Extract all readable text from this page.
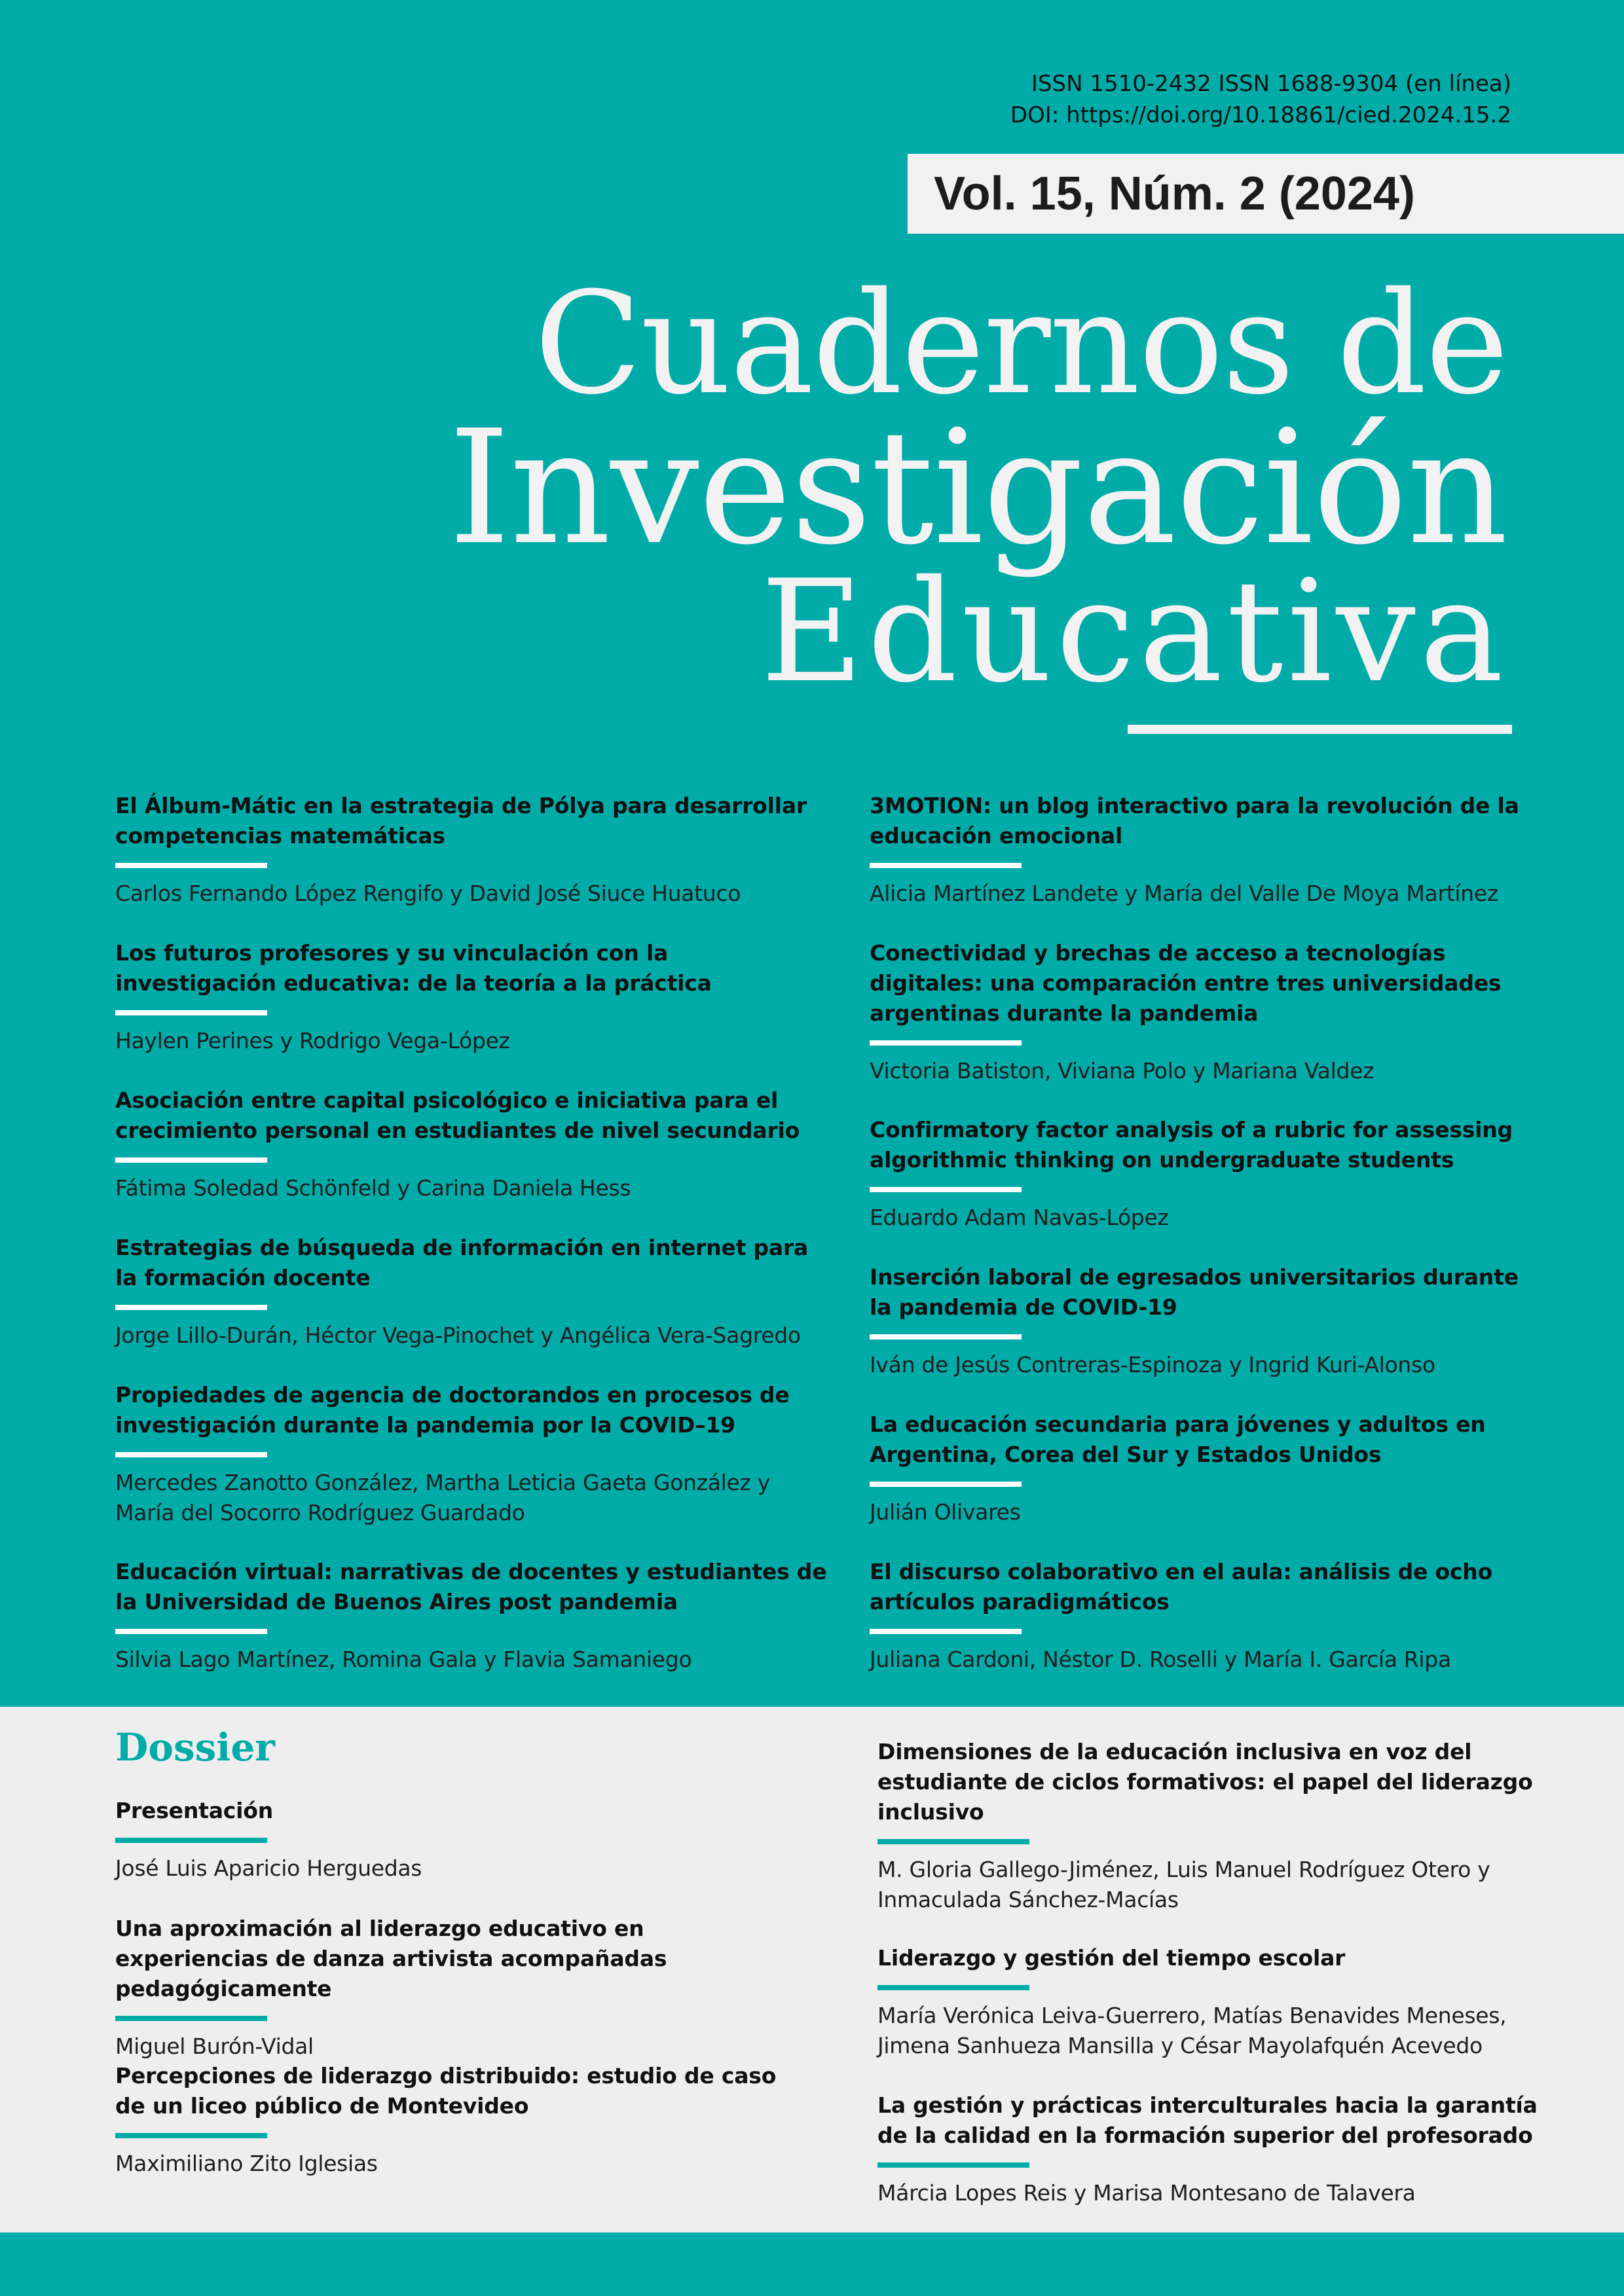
ISSN 1510-2432 ISSN 1688-9304 (en línea)
DOI: https://doi.org/10.18861/cied.2024.15.2
Vol. 15, Núm. 2 (2024)
Cuadernos de
Investigación
Educativa
El Álbum-Mátic en la estrategia de Pólya para desarrollar competencias matemáticas
Carlos Fernando López Rengifo y David José Siuce Huatuco
Los futuros profesores y su vinculación con la investigación educativa: de la teoría a la práctica
Haylen Perines y Rodrigo Vega-López
Asociación entre capital psicológico e iniciativa para el crecimiento personal en estudiantes de nivel secundario
Fátima Soledad Schönfeld y Carina Daniela Hess
Estrategias de búsqueda de información en internet para la formación docente
Jorge Lillo-Durán, Héctor Vega-Pinochet y Angélica Vera-Sagredo
Propiedades de agencia de doctorandos en procesos de investigación durante la pandemia por la COVID–19
Mercedes Zanotto González, Martha Leticia Gaeta González y María del Socorro Rodríguez Guardado
Educación virtual: narrativas de docentes y estudiantes de la Universidad de Buenos Aires post pandemia
Silvia Lago Martínez, Romina Gala y Flavia Samaniego
3MOTION: un blog interactivo para la revolución de la educación emocional
Alicia Martínez Landete y María del Valle De Moya Martínez
Conectividad y brechas de acceso a tecnologías digitales: una comparación entre tres universidades argentinas durante la pandemia
Victoria Batiston, Viviana Polo y Mariana Valdez
Confirmatory factor analysis of a rubric for assessing algorithmic thinking on undergraduate students
Eduardo Adam Navas-López
Inserción laboral de egresados universitarios durante la pandemia de COVID-19
Iván de Jesús Contreras-Espinoza y Ingrid Kuri-Alonso
La educación secundaria para jóvenes y adultos en Argentina, Corea del Sur y Estados Unidos
Julián Olivares
El discurso colaborativo en el aula: análisis de ocho artículos paradigmáticos
Juliana Cardoni, Néstor D. Roselli y María I. García Ripa
Dossier
Presentación
José Luis Aparicio Herguedas
Una aproximación al liderazgo educativo en experiencias de danza artivista acompañadas pedagógicamente
Miguel Burón-Vidal
Percepciones de liderazgo distribuido: estudio de caso de un liceo público de Montevideo
Maximiliano Zito Iglesias
Dimensiones de la educación inclusiva en voz del estudiante de ciclos formativos: el papel del liderazgo inclusivo
M. Gloria Gallego-Jiménez, Luis Manuel Rodríguez Otero y Inmaculada Sánchez-Macías
Liderazgo y gestión del tiempo escolar
María Verónica Leiva-Guerrero, Matías Benavides Meneses, Jimena Sanhueza Mansilla y César Mayolafquén Acevedo
La gestión y prácticas interculturales hacia la garantía de la calidad en la formación superior del profesorado
Márcia Lopes Reis y Marisa Montesano de Talavera
